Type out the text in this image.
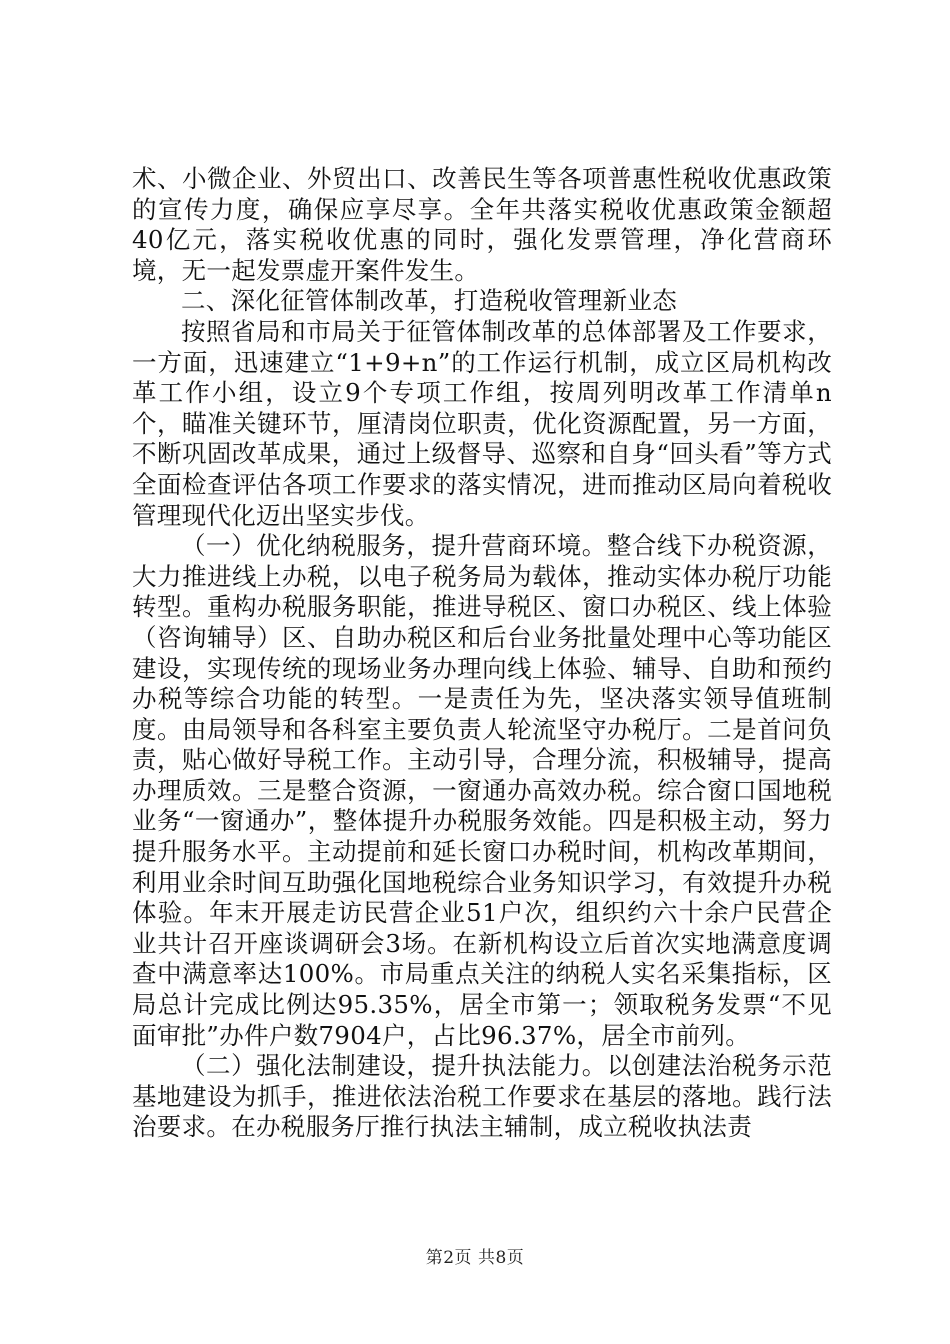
术、小微企业、外贸出口、改善民生等各项普惠性税收优惠政策的宣传力度，确保应享尽享。全年共落实税收优惠政策金额超40亿元，落实税收优惠的同时，强化发票管理，净化营商环境，无一起发票虚开案件发生。

二、深化征管体制改革，打造税收管理新业态

按照省局和市局关于征管体制改革的总体部署及工作要求，一方面，迅速建立“1+9+n”的工作运行机制，成立区局机构改革工作小组，设立9个专项工作组，按周列明改革工作清单n个，瞄准关键环节，厘清岗位职责，优化资源配置，另一方面，不断巩固改革成果，通过上级督导、巡察和自身“回头看”等方式全面检查评估各项工作要求的落实情况，进而推动区局向着税收管理现代化迈出坚实步伐。

（一）优化纳税服务，提升营商环境。整合线下办税资源，大力推进线上办税，以电子税务局为载体，推动实体办税厅功能转型。重构办税服务职能，推进导税区、窗口办税区、线上体验（咨询辅导）区、自助办税区和后台业务批量处理中心等功能区建设，实现传统的现场业务办理向线上体验、辅导、自助和预约办税等综合功能的转型。一是责任为先，坚决落实领导值班制度。由局领导和各科室主要负责人轮流坚守办税厅。二是首问负责，贴心做好导税工作。主动引导，合理分流，积极辅导，提高办理质效。三是整合资源，一窗通办高效办税。综合窗口国地税业务“一窗通办”，整体提升办税服务效能。四是积极主动，努力提升服务水平。主动提前和延长窗口办税时间，机构改革期间，利用业余时间互助强化国地税综合业务知识学习，有效提升办税体验。年末开展走访民营企业51户次，组织约六十余户民营企业共计召开座谈调研会3场。在新机构设立后首次实地满意度调查中满意率达100%。市局重点关注的纳税人实名采集指标，区局总计完成比例达95.35%，居全市第一；领取税务发票“不见面审批”办件户数7904户，占比96.37%，居全市前列。

（二）强化法制建设，提升执法能力。以创建法治税务示范基地建设为抓手，推进依法治税工作要求在基层的落地。践行法治要求。在办税服务厅推行执法主辅制，成立税收执法责

第2页 共8页
